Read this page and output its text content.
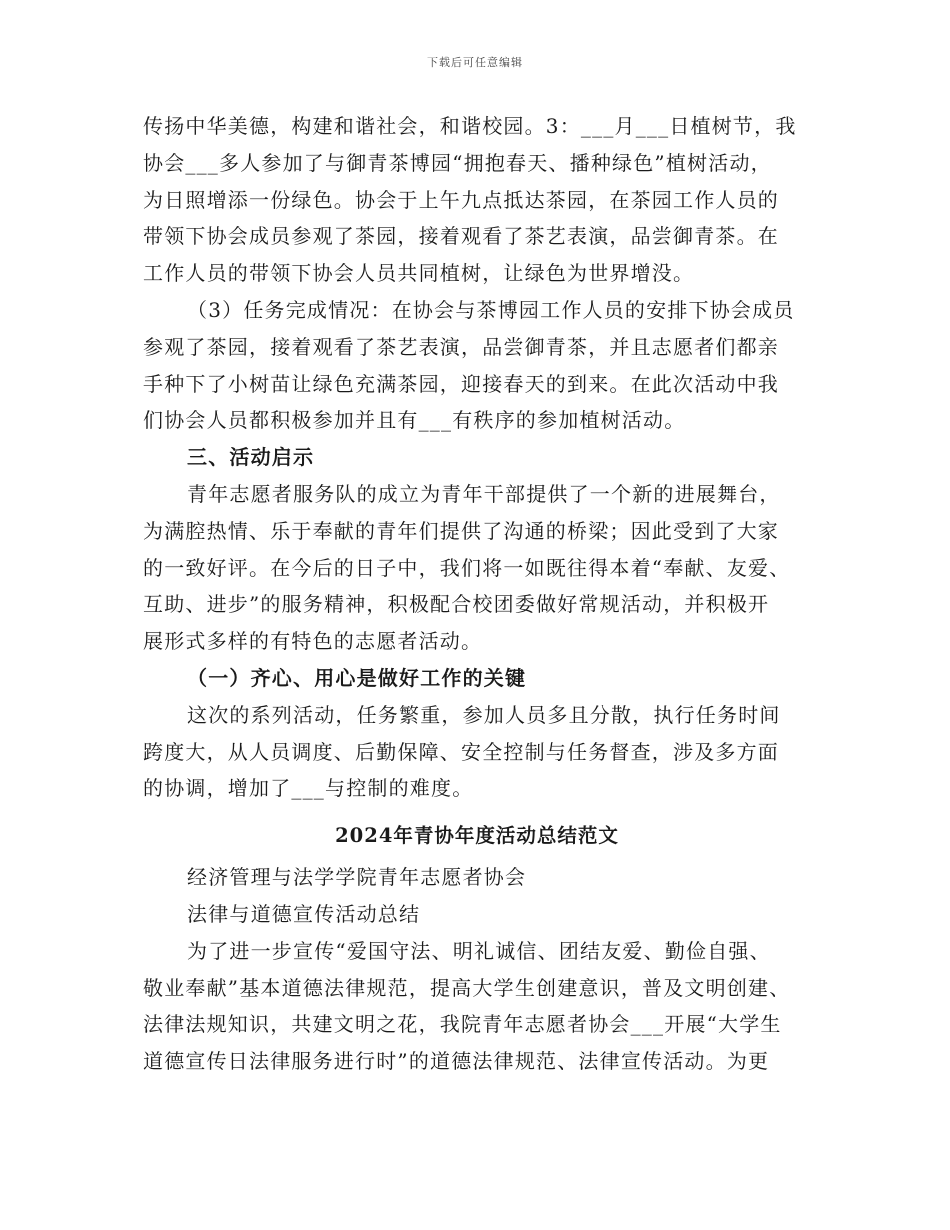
下载后可任意编辑
传扬中华美德，构建和谐社会，和谐校园。3：___月___日植树节，我
协会___多人参加了与御青茶博园“拥抱春天、播种绿色”植树活动，
为日照增添一份绿色。协会于上午九点抵达茶园，在茶园工作人员的
带领下协会成员参观了茶园，接着观看了茶艺表演，品尝御青茶。在
工作人员的带领下协会人员共同植树，让绿色为世界增没。
（3）任务完成情况：在协会与茶博园工作人员的安排下协会成员
参观了茶园，接着观看了茶艺表演，品尝御青茶，并且志愿者们都亲
手种下了小树苗让绿色充满茶园，迎接春天的到来。在此次活动中我
们协会人员都积极参加并且有___有秩序的参加植树活动。
三、活动启示
青年志愿者服务队的成立为青年干部提供了一个新的进展舞台，
为满腔热情、乐于奉献的青年们提供了沟通的桥梁；因此受到了大家
的一致好评。在今后的日子中，我们将一如既往得本着“奉献、友爱、
互助、进步”的服务精神，积极配合校团委做好常规活动，并积极开
展形式多样的有特色的志愿者活动。
（一）齐心、用心是做好工作的关键
这次的系列活动，任务繁重，参加人员多且分散，执行任务时间
跨度大，从人员调度、后勤保障、安全控制与任务督查，涉及多方面
的协调，增加了___与控制的难度。
2024年青协年度活动总结范文
经济管理与法学学院青年志愿者协会
法律与道德宣传活动总结
为了进一步宣传“爱国守法、明礼诚信、团结友爱、勤俭自强、
敬业奉献”基本道德法律规范，提高大学生创建意识，普及文明创建、
法律法规知识，共建文明之花，我院青年志愿者协会___开展“大学生
道德宣传日法律服务进行时”的道德法律规范、法律宣传活动。为更
